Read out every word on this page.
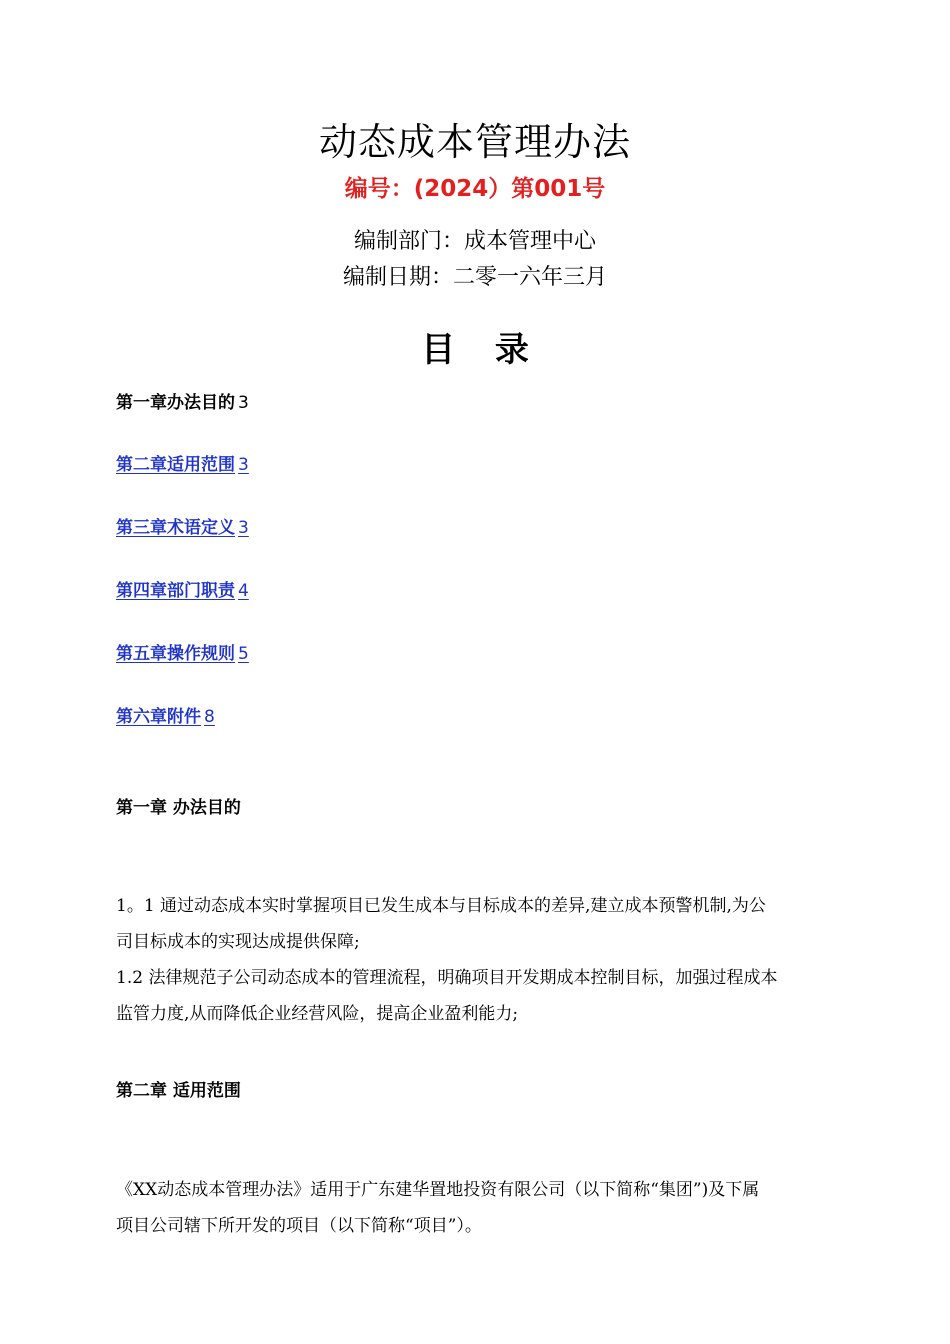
动态成本管理办法
编号：(2024）第001号
编制部门：成本管理中心
编制日期：二零一六年三月
目 录
第一章办法目的 3
第二章适用范围 3
第三章术语定义 3
第四章部门职责 4
第五章操作规则 5
第六章附件 8
第一章 办法目的
1。1 通过动态成本实时掌握项目已发生成本与目标成本的差异,建立成本预警机制,为公
司目标成本的实现达成提供保障;
1.2 法律规范子公司动态成本的管理流程，明确项目开发期成本控制目标，加强过程成本
监管力度,从而降低企业经营风险，提高企业盈利能力;
第二章 适用范围
《XX动态成本管理办法》适用于广东建华置地投资有限公司（以下简称“集团”)及下属
项目公司辖下所开发的项目（以下简称“项目”）。
